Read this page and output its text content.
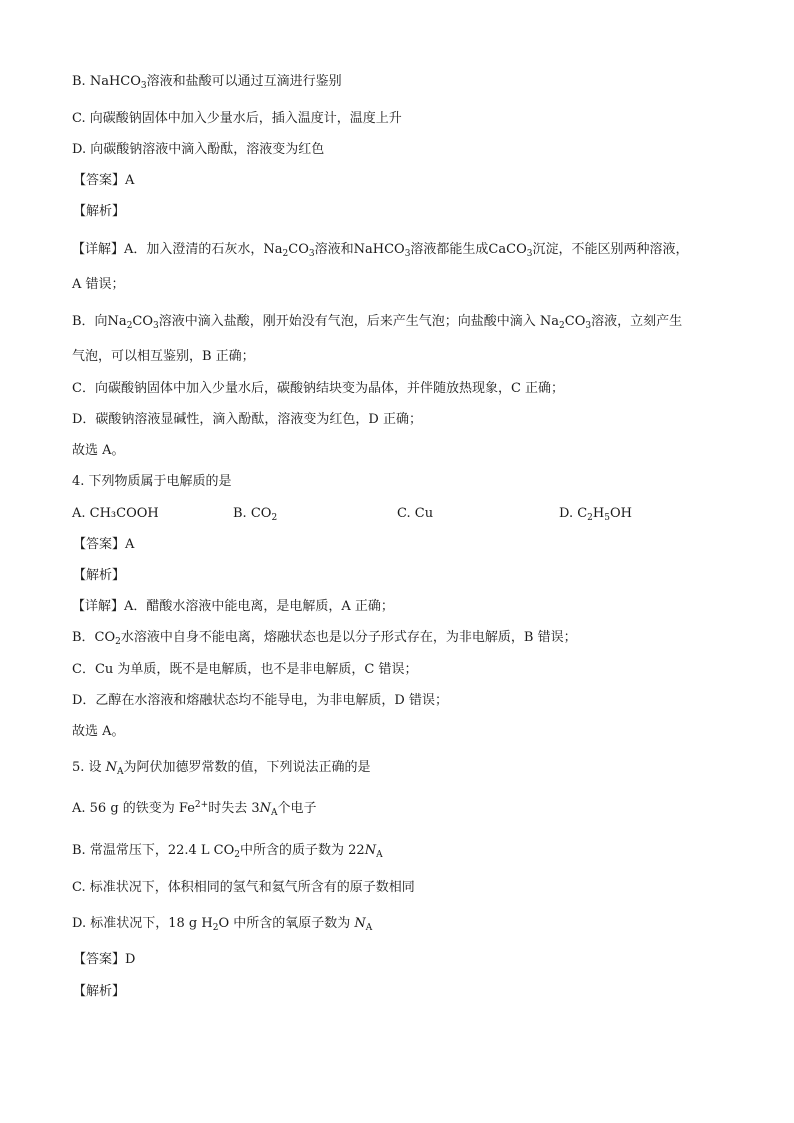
B. NaHCO$_3$溶液和盐酸可以通过互滴进行鉴别
C. 向碳酸钠固体中加入少量水后，插入温度计，温度上升
D. 向碳酸钠溶液中滴入酚酞，溶液变为红色
【答案】A
【解析】
【详解】A．加入澄清的石灰水，$Na_2CO_3$溶液和NaHCO$_3$溶液都能生成CaCO$_3$沉淀，不能区别两种溶液，
A 错误；
B．向$Na_2CO_3$溶液中滴入盐酸，刚开始没有气泡，后来产生气泡；向盐酸中滴入 $Na_2CO_3$溶液，立刻产生
气泡，可以相互鉴别，B 正确；
C．向碳酸钠固体中加入少量水后，碳酸钠结块变为晶体，并伴随放热现象，C 正确；
D．碳酸钠溶液显碱性，滴入酚酞，溶液变为红色，D 正确；
故选 A。
4. 下列物质属于电解质的是
A. CH₃COOH	B. $CO_2$	C. Cu	D. $C_2H_5OH$
【答案】A
【解析】
【详解】A．醋酸水溶液中能电离，是电解质，A 正确；
B．$CO_2$水溶液中自身不能电离，熔融状态也是以分子形式存在，为非电解质，B 错误；
C．Cu 为单质，既不是电解质，也不是非电解质，C 错误；
D．乙醇在水溶液和熔融状态均不能导电，为非电解质，D 错误；
故选 A。
5. 设 $N_A$为阿伏加德罗常数的值，下列说法正确的是
A. 56 g 的铁变为 $Fe^{2+}$时失去 $3N_A$个电子
B. 常温常压下，22.4 L $CO_2$中所含的质子数为 $22N_A$
C. 标准状况下，体积相同的氢气和氦气所含有的原子数相同
D. 标准状况下，18 g $H_2O$ 中所含的氧原子数为 $N_A$
【答案】D
【解析】
